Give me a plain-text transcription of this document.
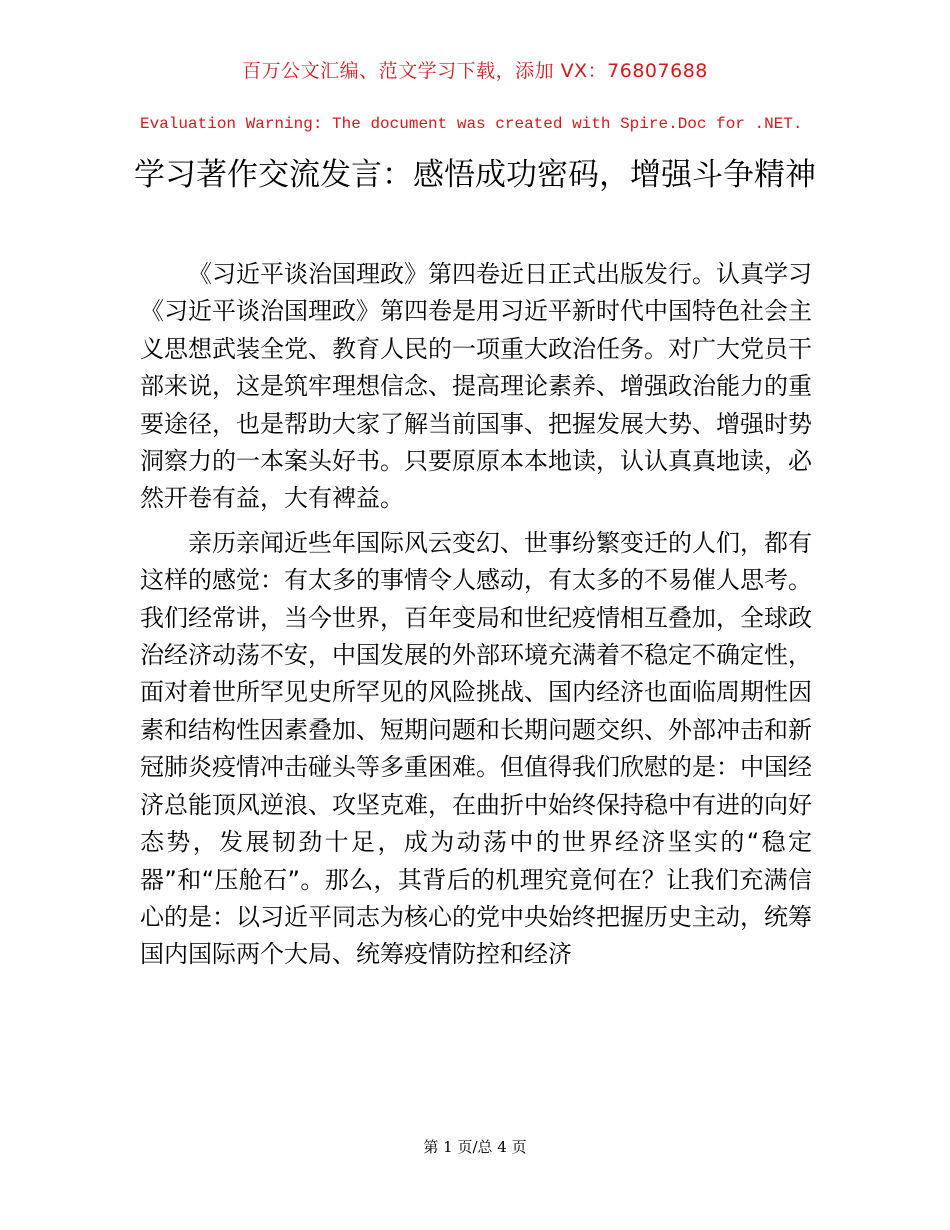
百万公文汇编、范文学习下载，添加 VX：76807688
Evaluation Warning: The document was created with Spire.Doc for .NET.
学习著作交流发言：感悟成功密码，增强斗争精神

《习近平谈治国理政》第四卷近日正式出版发行。认真学习《习近平谈治国理政》第四卷是用习近平新时代中国特色社会主义思想武装全党、教育人民的一项重大政治任务。对广大党员干部来说，这是筑牢理想信念、提高理论素养、增强政治能力的重要途径，也是帮助大家了解当前国事、把握发展大势、增强时势洞察力的一本案头好书。只要原原本本地读，认认真真地读，必然开卷有益，大有裨益。

亲历亲闻近些年国际风云变幻、世事纷繁变迁的人们，都有这样的感觉：有太多的事情令人感动，有太多的不易催人思考。我们经常讲，当今世界，百年变局和世纪疫情相互叠加，全球政治经济动荡不安，中国发展的外部环境充满着不稳定不确定性，面对着世所罕见史所罕见的风险挑战、国内经济也面临周期性因素和结构性因素叠加、短期问题和长期问题交织、外部冲击和新冠肺炎疫情冲击碰头等多重困难。但值得我们欣慰的是：中国经济总能顶风逆浪、攻坚克难，在曲折中始终保持稳中有进的向好态势，发展韧劲十足，成为动荡中的世界经济坚实的“稳定器”和“压舱石”。那么，其背后的机理究竟何在？让我们充满信心的是：以习近平同志为核心的党中央始终把握历史主动，统筹国内国际两个大局、统筹疫情防控和经济

第 1 页/总 4 页
